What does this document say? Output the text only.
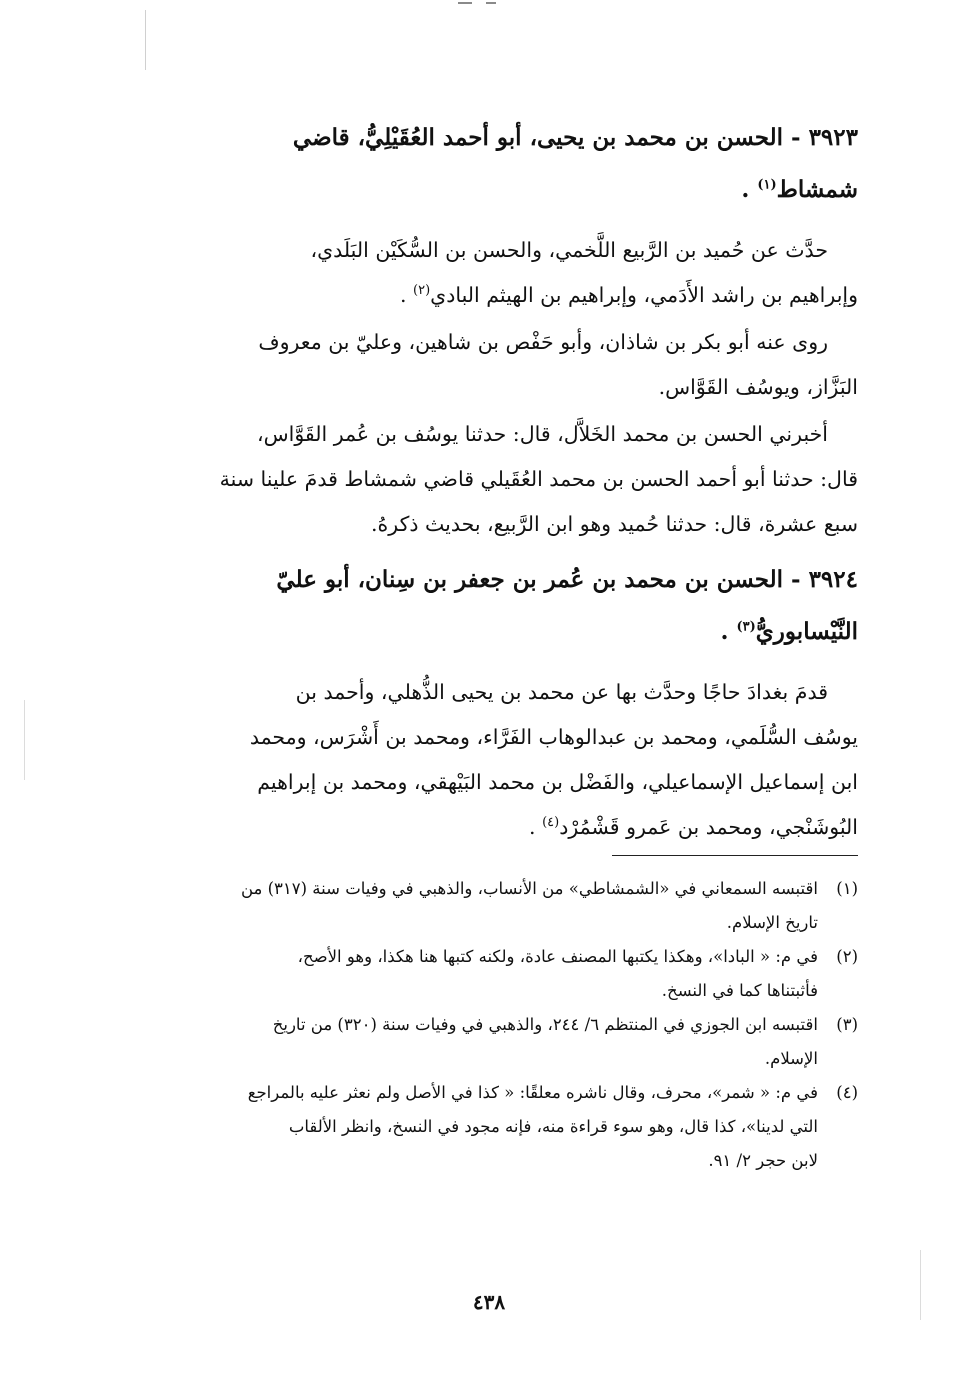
٣٩٢٣ - الحسن بن محمد بن يحيى، أبو أحمد العُقَيْلِيُّ، قاضي
شمشاط$^{(١)}$ .
حدَّث عن حُميد بن الرَّبيع اللَّخمي، والحسن بن السُّكَيْن البَلَدي،
وإبراهيم بن راشد الأَدَمي، وإبراهيم بن الهيثم البادي$^{(٢)}$ .
روى عنه أبو بكر بن شاذان، وأبو حَفْص بن شاهين، وعليّ بن معروف
البَزَّاز، ويوسُف القَوَّاس.
أخبرني الحسن بن محمد الخَلاَّل، قال: حدثنا يوسُف بن عُمر القَوَّاس،
قال: حدثنا أبو أحمد الحسن بن محمد العُقَيلي قاضي شمشاط قدمَ علينا سنة
سبع عشرة، قال: حدثنا حُميد وهو ابن الرَّبيع، بحديث ذكرهُ.
٣٩٢٤ - الحسن بن محمد بن عُمر بن جعفر بن سِنان، أبو عليّ
النَّيْسابوريُّ$^{(٣)}$ .
قدمَ بغدادَ حاجًا وحدَّث بها عن محمد بن يحيى الذُّهلي، وأحمد بن
يوسُف السُّلَمي، ومحمد بن عبدالوهاب الفَرَّاء، ومحمد بن أَشْرَس، ومحمد
ابن إسماعيل الإسماعيلي، والفَضْل بن محمد البَيْهقي، ومحمد بن إبراهيم
البُوشَنْجي، ومحمد بن عَمرو قَشْمُرْد$^{(٤)}$ .
(١)
اقتبسه السمعاني في «الشمشاطي» من الأنساب، والذهبي في وفيات سنة (٣١٧) من
تاريخ الإسلام.
(٢)
في م: « البادا»، وهكذا يكتبها المصنف عادة، ولكنه كتبها هنا هكذا، وهو الأصح،
فأثبتناها كما في النسخ.
(٣)
اقتبسه ابن الجوزي في المنتظم ٦/ ٢٤٤، والذهبي في وفيات سنة (٣٢٠) من تاريخ
الإسلام.
(٤)
في م: « شمر»، محرف، وقال ناشره معلقًا: « كذا في الأصل ولم نعثر عليه بالمراجع
التي لدينا»، كذا قال، وهو سوء قراءة منه، فإنه مجود في النسخ، وانظر الألقاب
لابن حجر ٢/ ٩١.
٤٣٨
